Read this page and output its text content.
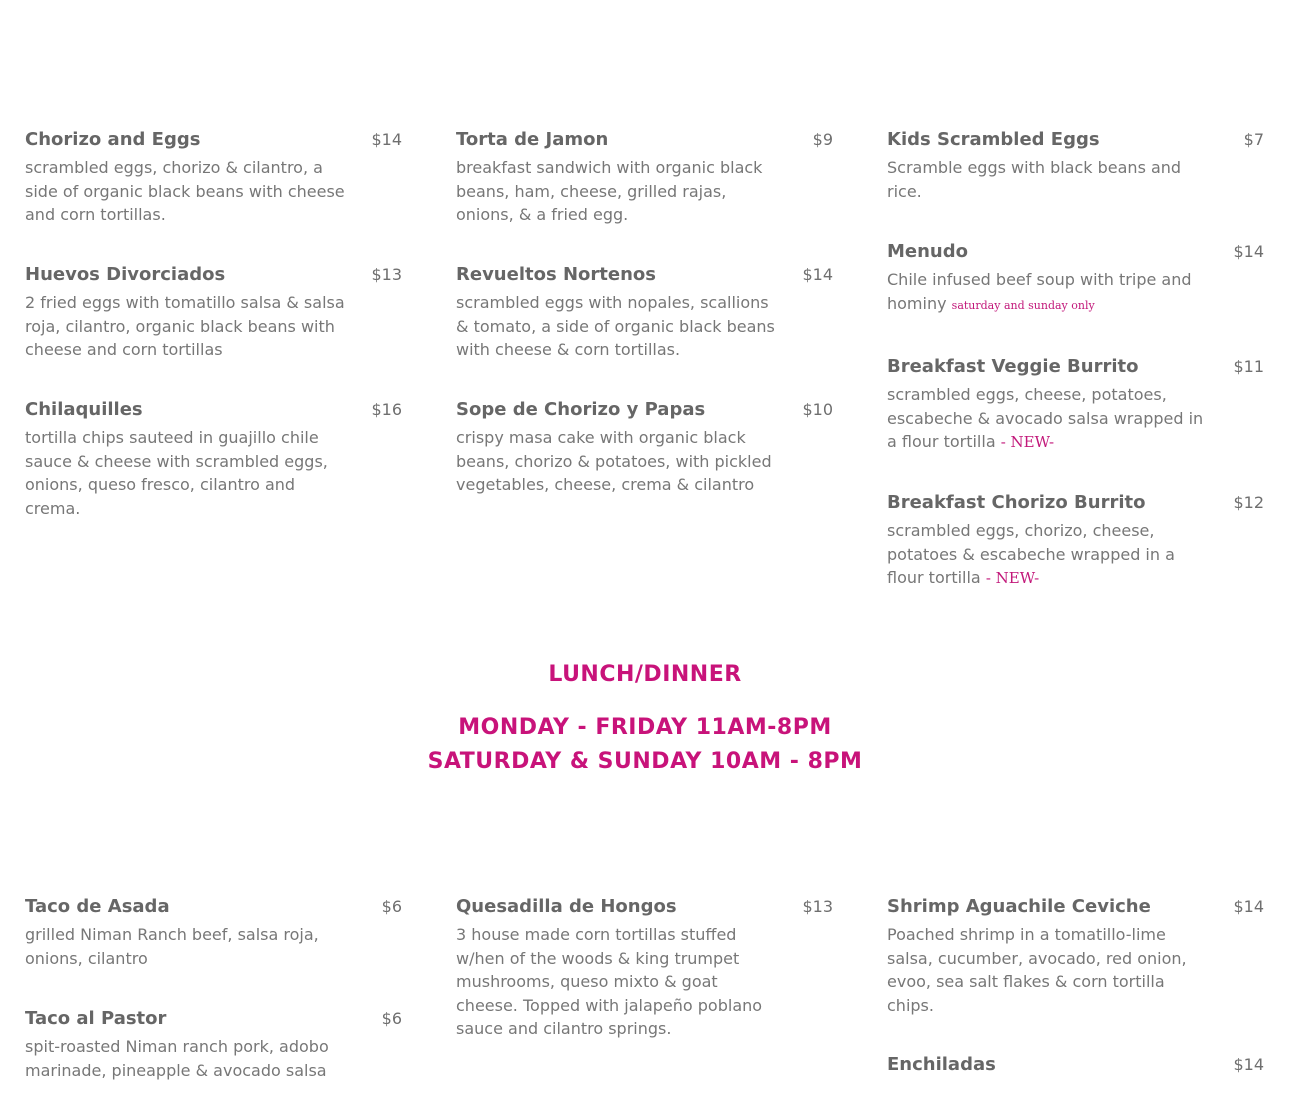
Chorizo and Eggs	$14
scrambled eggs, chorizo & cilantro, a side of organic black beans with cheese and corn tortillas.
Huevos Divorciados	$13
2 fried eggs with tomatillo salsa & salsa roja, cilantro, organic black beans with cheese and corn tortillas
Chilaquilles	$16
tortilla chips sauteed in guajillo chile sauce & cheese with scrambled eggs, onions, queso fresco, cilantro and crema.
Torta de Jamon	$9
breakfast sandwich with organic black beans, ham, cheese, grilled rajas, onions, & a fried egg.
Revueltos Nortenos	$14
scrambled eggs with nopales, scallions & tomato, a side of organic black beans with cheese & corn tortillas.
Sope de Chorizo y Papas	$10
crispy masa cake with organic black beans, chorizo & potatoes, with pickled vegetables, cheese, crema & cilantro
Kids Scrambled Eggs	$7
Scramble eggs with black beans and rice.
Menudo	$14
Chile infused beef soup with tripe and hominy saturday and sunday only
Breakfast Veggie Burrito	$11
scrambled eggs, cheese, potatoes, escabeche & avocado salsa wrapped in a flour tortilla - NEW-
Breakfast Chorizo Burrito	$12
scrambled eggs, chorizo, cheese, potatoes & escabeche wrapped in a flour tortilla - NEW-
LUNCH/DINNER
MONDAY - FRIDAY 11AM-8PM
SATURDAY & SUNDAY 10AM - 8PM
Taco de Asada	$6
grilled Niman Ranch beef, salsa roja, onions, cilantro
Taco al Pastor	$6
spit-roasted Niman ranch pork, adobo marinade, pineapple & avocado salsa
Quesadilla de Hongos	$13
3 house made corn tortillas stuffed w/hen of the woods & king trumpet mushrooms, queso mixto & goat cheese. Topped with jalapeño poblano sauce and cilantro springs.
Shrimp Aguachile Ceviche	$14
Poached shrimp in a tomatillo-lime salsa, cucumber, avocado, red onion, evoo, sea salt flakes & corn tortilla chips.
Enchiladas	$14
